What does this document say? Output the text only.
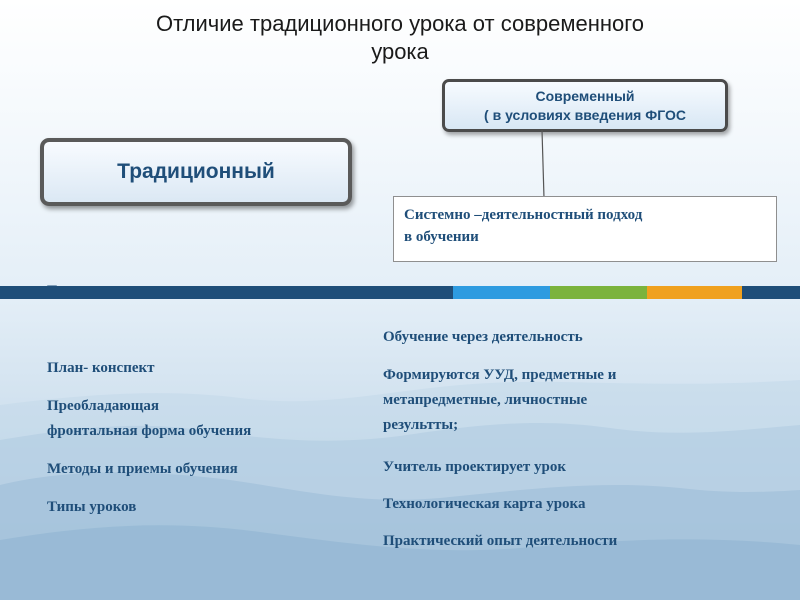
Отличие традиционного урока от современного
урока
Современный
( в условиях введения ФГОС
Традиционный
Системно –деятельностный подход
в обучении
План- конспект
Преобладающая
фронтальная форма обучения
Методы и приемы обучения
Типы уроков
Обучение через деятельность
Формируются УУД, предметные и
метапредметные, личностные
результты;
Учитель проектирует урок
Технологическая карта урока
Практический опыт деятельности
